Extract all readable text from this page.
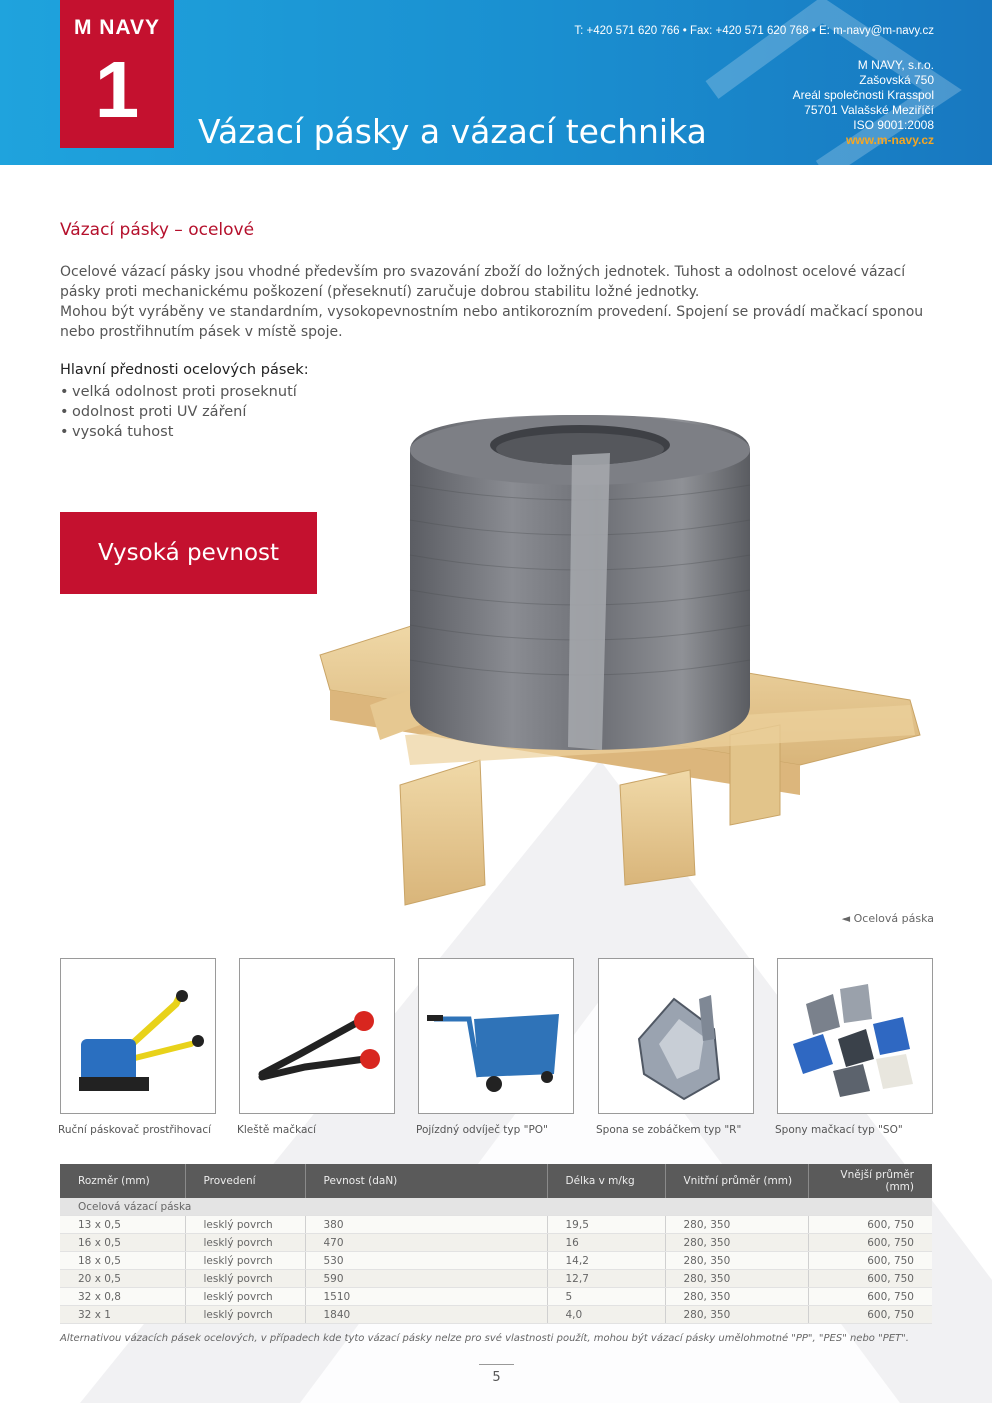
M NAVY
1	Vázací pásky a vázací technika
T: +420 571 620 766 • Fax: +420 571 620 768 • E: m-navy@m-navy.cz
M NAVY, s.r.o.
Zašovská 750
Areál společnosti Krasspol
75701 Valašské Meziříčí
ISO 9001:2008
www.m-navy.cz
Vázací pásky – ocelové

Ocelové vázací pásky jsou vhodné především pro svazování zboží do ložných jednotek. Tuhost a odolnost ocelové vázací pásky proti mechanickému poškození (přeseknutí) zaručuje dobrou stabilitu ložné jednotky.

Mohou být vyráběny ve standardním, vysokopevnostním nebo antikorozním provedení. Spojení se provádí mačkací sponou nebo prostřihnutím pásek v místě spoje.

Hlavní přednosti ocelových pásek:
• velká odolnost proti proseknutí
• odolnost proti UV záření
• vysoká tuhost
Vysoká pevnost
◄ Ocelová páska
Ruční páskovač prostřihovací	Kleště mačkací	Pojízdný odvíječ typ "PO"	Spona se zobáčkem typ "R"	Spony mačkací typ "SO"
Rozměr (mm)	Provedení	Pevnost (daN)	Délka v m/kg	Vnitřní průměr (mm)	Vnější průměr (mm)
Ocelová vázací páska					
13 x 0,5	lesklý povrch	380	19,5	280, 350	600, 750
16 x 0,5	lesklý povrch	470	16	280, 350	600, 750
18 x 0,5	lesklý povrch	530	14,2	280, 350	600, 750
20 x 0,5	lesklý povrch	590	12,7	280, 350	600, 750
32 x 0,8	lesklý povrch	1510	5	280, 350	600, 750
32 x 1	lesklý povrch	1840	4,0	280, 350	600, 750
Alternativou vázacích pásek ocelových, v případech kde tyto vázací pásky nelze pro své vlastnosti použít, mohou být vázací pásky umělohmotné "PP", "PES" nebo "PET".
5
